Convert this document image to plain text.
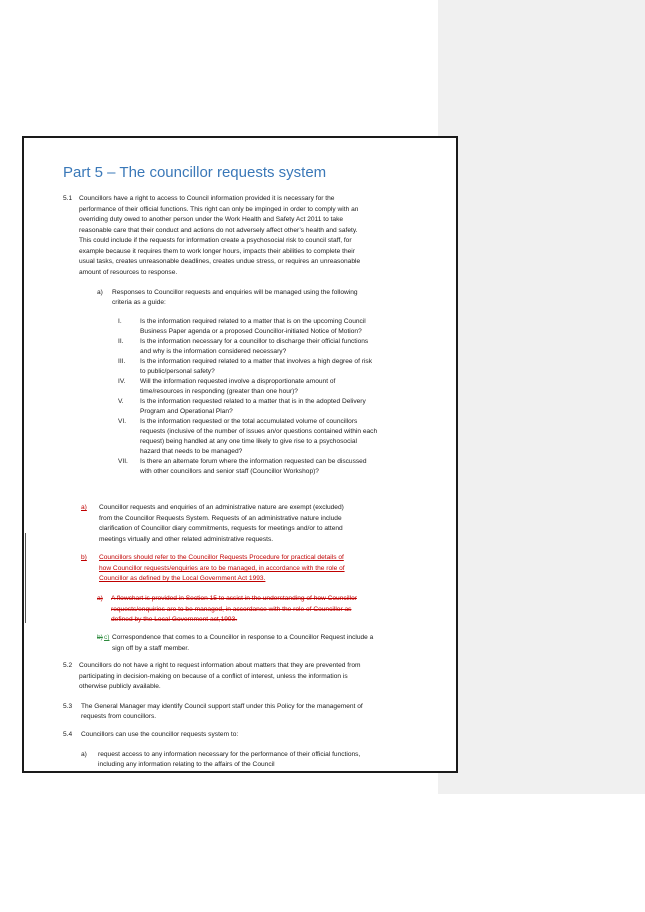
Part 5 – The councillor requests system
5.1 Councillors have a right to access to Council information provided it is necessary for the
performance of their official functions. This right can only be impinged in order to comply with an
overriding duty owed to another person under the Work Health and Safety Act 2011 to take
reasonable care that their conduct and actions do not adversely affect other’s health and safety.
This could include if the requests for information create a psychosocial risk to council staff, for
example because it requires them to work longer hours, impacts their abilities to complete their
usual tasks, creates unreasonable deadlines, creates undue stress, or requires an unreasonable
amount of resources to response.
a) Responses to Councillor requests and enquiries will be managed using the following
criteria as a guide:
I.	Is the information required related to a matter that is on the upcoming Council
Business Paper agenda or a proposed Councillor-initiated Notice of Motion?
II.	Is the information necessary for a councillor to discharge their official functions
and why is the information considered necessary?
III. Is the information required related to a matter that involves a high degree of risk
to public/personal safety?
IV. Will the information requested involve a disproportionate amount of
time/resources in responding (greater than one hour)?
V. Is the information requested related to a matter that is in the adopted Delivery
Program and Operational Plan?
VI. Is the information requested or the total accumulated volume of councillors
requests (inclusive of the number of issues an/or questions contained within each
request) being handled at any one time likely to give rise to a psychosocial
hazard that needs to be managed?
VII. Is there an alternate forum where the information requested can be discussed
with other councillors and senior staff (Councillor Workshop)?
a)	Councillor requests and enquiries of an administrative nature are exempt (excluded)
from the Councillor Requests System. Requests of an administrative nature include
clarification of Councillor diary commitments, requests for meetings and/or to attend
meetings virtually and other related administrative requests.
b)	Councillors should refer to the Councillor Requests Procedure for practical details of
how Councillor requests/enquiries are to be managed, in accordance with the role of
Councillor as defined by the Local Government Act 1993.
a) A flowchart is provided in Section 15 to assist in the understanding of how Councillor
requests/enquiries are to be managed, in accordance with the role of Councillor as
defined by the Local Government act,1993.
b) c) Correspondence that comes to a Councillor in response to a Councillor Request include a
sign off by a staff member.
5.2 Councillors do not have a right to request information about matters that they are prevented from
participating in decision-making on because of a conflict of interest, unless the information is
otherwise publicly available.
5.3 The General Manager may identify Council support staff under this Policy for the management of
requests from councillors.
5.4 Councillors can use the councillor requests system to:
a) request access to any information necessary for the performance of their official functions,
including any information relating to the affairs of the Council
